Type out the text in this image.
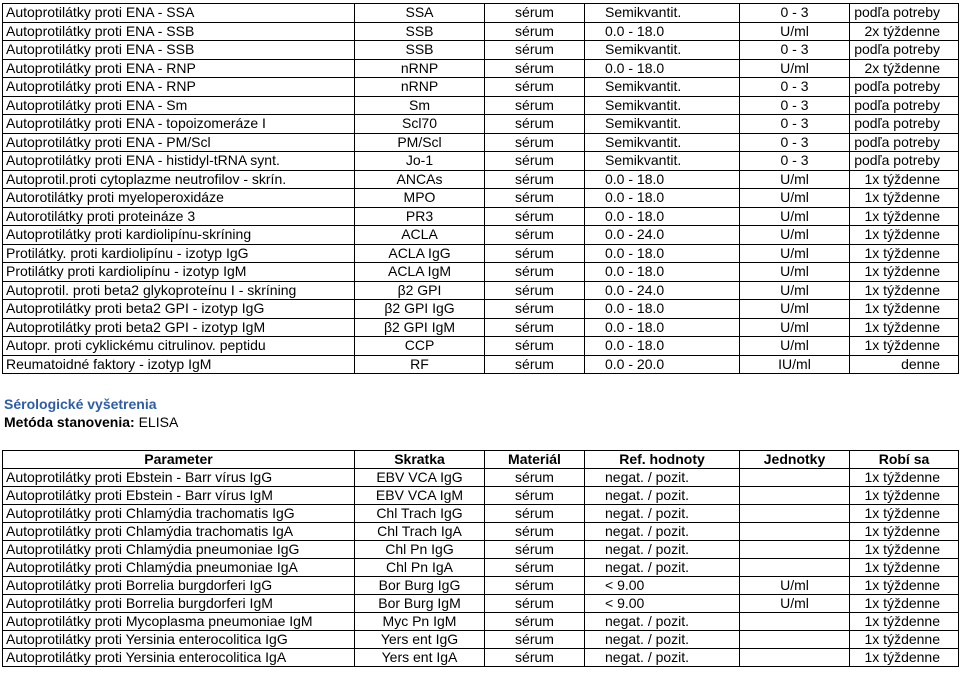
Autoprotilátky proti ENA - SSA	SSA	sérum	Semikvantit.	0 - 3	podľa potreby
Autoprotilátky proti ENA - SSB	SSB	sérum	0.0 - 18.0	U/ml	2x týždenne
Autoprotilátky proti ENA - SSB	SSB	sérum	Semikvantit.	0 - 3	podľa potreby
Autoprotilátky proti ENA - RNP	nRNP	sérum	0.0 - 18.0	U/ml	2x týždenne
Autoprotilátky proti ENA - RNP	nRNP	sérum	Semikvantit.	0 - 3	podľa potreby
Autoprotilátky proti ENA - Sm	Sm	sérum	Semikvantit.	0 - 3	podľa potreby
Autoprotilátky proti ENA - topoizomeráze I	Scl70	sérum	Semikvantit.	0 - 3	podľa potreby
Autoprotilátky proti ENA - PM/Scl	PM/Scl	sérum	Semikvantit.	0 - 3	podľa potreby
Autoprotilátky proti ENA - histidyl-tRNA synt.	Jo-1	sérum	Semikvantit.	0 - 3	podľa potreby
Autoprotil.proti cytoplazme neutrofilov - skrín.	ANCAs	sérum	0.0 - 18.0	U/ml	1x týždenne
Autorotilátky proti myeloperoxidáze	MPO	sérum	0.0 - 18.0	U/ml	1x týždenne
Autorotilátky proti proteináze 3	PR3	sérum	0.0 - 18.0	U/ml	1x týždenne
Autoprotilátky proti kardiolipínu-skríning	ACLA	sérum	0.0 - 24.0	U/ml	1x týždenne
Protilátky. proti kardiolipínu - izotyp IgG	ACLA IgG	sérum	0.0 - 18.0	U/ml	1x týždenne
Protilátky proti kardiolipínu - izotyp IgM	ACLA IgM	sérum	0.0 - 18.0	U/ml	1x týždenne
Autoprotil. proti beta2 glykoproteínu I - skríning	β2 GPI	sérum	0.0 - 24.0	U/ml	1x týždenne
Autoprotilátky proti beta2 GPI - izotyp IgG	β2 GPI IgG	sérum	0.0 - 18.0	U/ml	1x týždenne
Autoprotilátky proti beta2 GPI - izotyp IgM	β2 GPI IgM	sérum	0.0 - 18.0	U/ml	1x týždenne
Autopr. proti cyklickému citrulinov. peptidu	CCP	sérum	0.0 - 18.0	U/ml	1x týždenne
Reumatoidné faktory - izotyp IgM	RF	sérum	0.0 - 20.0	IU/ml	denne
Sérologické vyšetrenia
Metóda stanovenia: ELISA
Parameter	Skratka	Materiál	Ref. hodnoty	Jednotky	Robí sa
Autoprotilátky proti Ebstein - Barr vírus IgG	EBV VCA IgG	sérum	negat. / pozit.		1x týždenne
Autoprotilátky proti Ebstein - Barr vírus IgM	EBV VCA IgM	sérum	negat. / pozit.		1x týždenne
Autoprotilátky proti Chlamýdia trachomatis IgG	Chl Trach IgG	sérum	negat. / pozit.		1x týždenne
Autoprotilátky proti Chlamýdia trachomatis IgA	Chl Trach IgA	sérum	negat. / pozit.		1x týždenne
Autoprotilátky proti Chlamýdia pneumoniae IgG	Chl Pn IgG	sérum	negat. / pozit.		1x týždenne
Autoprotilátky proti Chlamýdia pneumoniae IgA	Chl Pn IgA	sérum	negat. / pozit.		1x týždenne
Autoprotilátky proti Borrelia burgdorferi IgG	Bor Burg IgG	sérum	< 9.00	U/ml	1x týždenne
Autoprotilátky proti Borrelia burgdorferi IgM	Bor Burg IgM	sérum	< 9.00	U/ml	1x týždenne
Autoprotilátky proti Mycoplasma pneumoniae IgM	Myc Pn IgM	sérum	negat. / pozit.		1x týždenne
Autoprotilátky proti Yersinia enterocolitica IgG	Yers ent IgG	sérum	negat. / pozit.		1x týždenne
Autoprotilátky proti Yersinia enterocolitica IgA	Yers ent IgA	sérum	negat. / pozit.		1x týždenne
